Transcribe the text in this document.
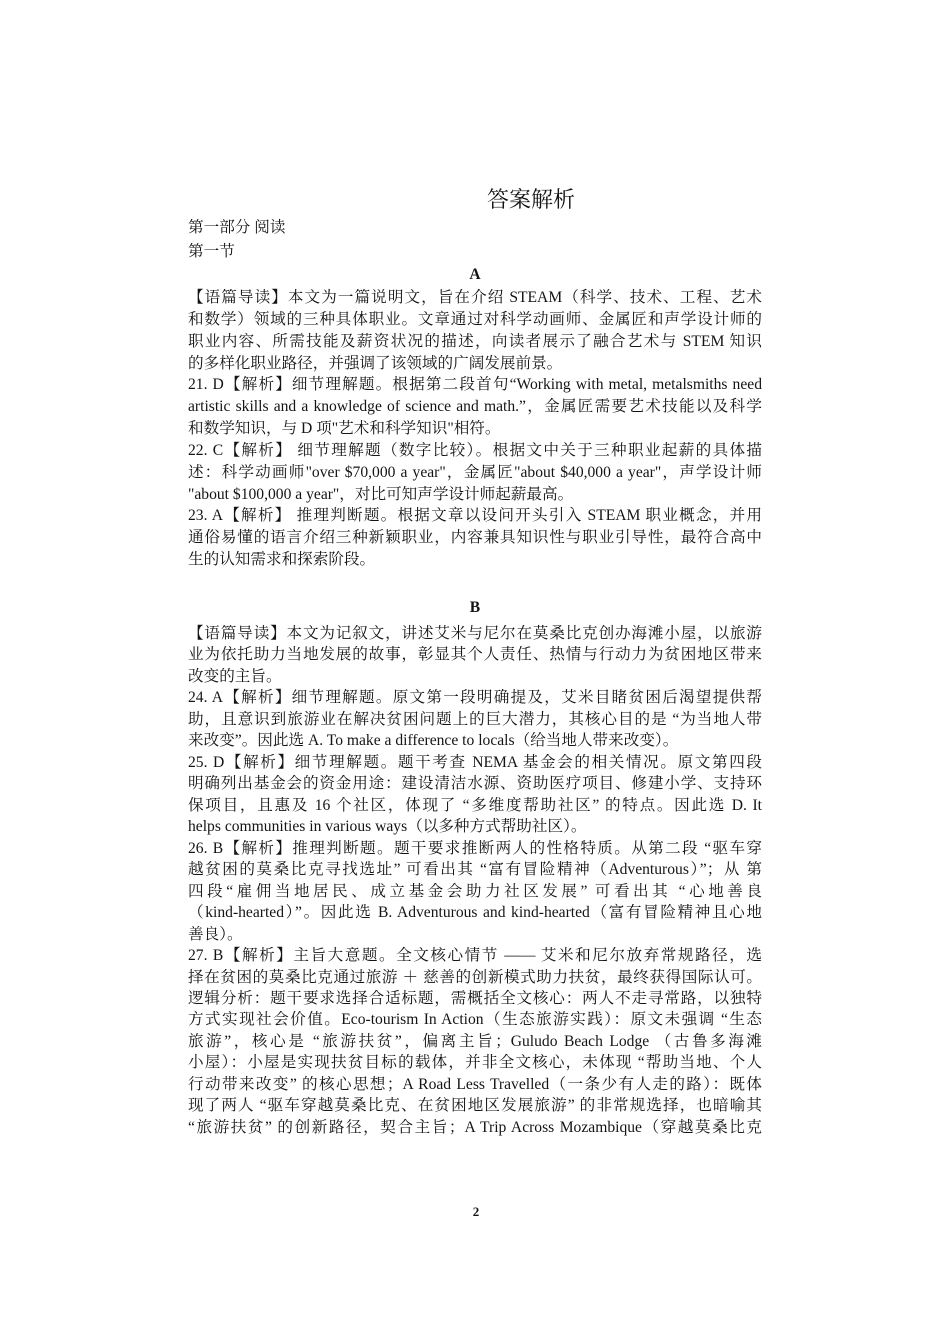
答案解析
第一部分 阅读
第一节
A
【语篇导读】本文为一篇说明文，旨在介绍 STEAM（科学、技术、工程、艺术
和数学）领域的三种具体职业。文章通过对科学动画师、金属匠和声学设计师的
职业内容、所需技能及薪资状况的描述，向读者展示了融合艺术与 STEM 知识
的多样化职业路径，并强调了该领域的广阔发展前景。
21. D【解析】细节理解题。根据第二段首句“Working with metal, metalsmiths need
artistic skills and a knowledge of science and math.”，金属匠需要艺术技能以及科学
和数学知识，与 D 项"艺术和科学知识"相符。
22. C【解析】 细节理解题（数字比较）。根据文中关于三种职业起薪的具体描
述：科学动画师"over $70,000 a year"，金属匠"about $40,000 a year"，声学设计师
"about $100,000 a year"，对比可知声学设计师起薪最高。
23. A【解析】 推理判断题。根据文章以设问开头引入 STEAM 职业概念，并用
通俗易懂的语言介绍三种新颖职业，内容兼具知识性与职业引导性，最符合高中
生的认知需求和探索阶段。
B
【语篇导读】本文为记叙文，讲述艾米与尼尔在莫桑比克创办海滩小屋，以旅游
业为依托助力当地发展的故事，彰显其个人责任、热情与行动力为贫困地区带来
改变的主旨。
24. A【解析】细节理解题。原文第一段明确提及，艾米目睹贫困后渴望提供帮
助，且意识到旅游业在解决贫困问题上的巨大潜力，其核心目的是 “为当地人带
来改变”。因此选 A. To make a difference to locals（给当地人带来改变）。
25. D【解析】细节理解题。题干考查 NEMA 基金会的相关情况。原文第四段
明确列出基金会的资金用途：建设清洁水源、资助医疗项目、修建小学、支持环
保项目，且惠及 16 个社区，体现了 “多维度帮助社区” 的特点。因此选 D. It
helps communities in various ways（以多种方式帮助社区）。
26. B【解析】推理判断题。题干要求推断两人的性格特质。从第二段 “驱车穿
越贫困的莫桑比克寻找选址” 可看出其 “富有冒险精神（Adventurous）”；从 第
四段“雇佣当地居民、成立基金会助力社区发展” 可看出其 “心地善良
（kind-hearted）”。因此选 B. Adventurous and kind-hearted（富有冒险精神且心地
善良）。
27. B【解析】主旨大意题。全文核心情节 —— 艾米和尼尔放弃常规路径，选
择在贫困的莫桑比克通过旅游 ＋ 慈善的创新模式助力扶贫，最终获得国际认可。
逻辑分析：题干要求选择合适标题，需概括全文核心：两人不走寻常路，以独特
方式实现社会价值。Eco-tourism In Action（生态旅游实践）：原文未强调 “生态
旅游”，核心是 “旅游扶贫”，偏离主旨；Guludo Beach Lodge （古鲁多海滩
小屋）：小屋是实现扶贫目标的载体，并非全文核心，未体现 “帮助当地、个人
行动带来改变” 的核心思想；A Road Less Travelled（一条少有人走的路）：既体
现了两人 “驱车穿越莫桑比克、在贫困地区发展旅游” 的非常规选择，也暗喻其
“旅游扶贫” 的创新路径，契合主旨；A Trip Across Mozambique（穿越莫桑比克
2
